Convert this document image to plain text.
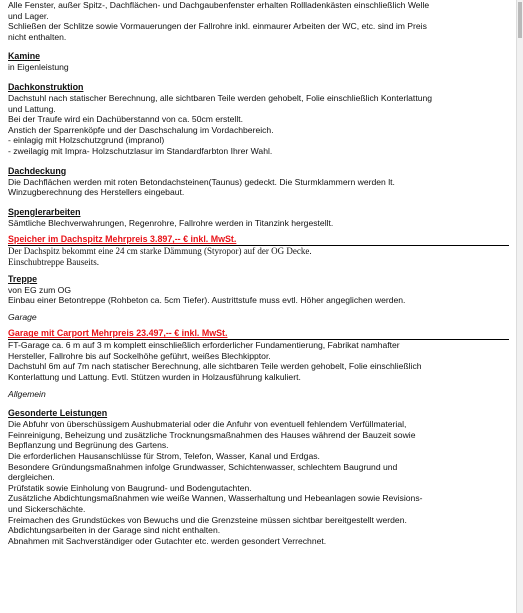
Alle Fenster, außer Spitz-, Dachflächen- und Dachgaubenfenster erhalten Rollladenkästen einschließlich Welle

und Lager.

Schließen der Schlitze sowie Vormauerungen der Fallrohre inkl. einmaurer Arbeiten der WC, etc. sind im Preis

nicht enthalten.

Kamine

in Eigenleistung

Dachkonstruktion

Dachstuhl nach statischer Berechnung, alle sichtbaren Teile werden gehobelt, Folie einschließlich Konterlattung

und Lattung.

Bei der Traufe wird ein Dachüberstannd von ca. 50cm erstellt.

Anstich der Sparrenköpfe und der Daschschalung im Vordachbereich.

- einlagig mit Holzschutzgrund (impranol)

- zweilagig mit Impra- Holzschutzlasur im Standardfarbton Ihrer Wahl.

Dachdeckung

Die Dachflächen werden mit roten Betondachsteinen(Taunus) gedeckt. Die Sturmklammern werden lt.

Winzugberechnung des Herstellers eingebaut.

Spenglerarbeiten

Sämtliche Blechverwahrungen, Regenrohre, Fallrohre werden in Titanzink hergestellt.

Speicher im Dachspitz Mehrpreis 3.897,-- € inkl. MwSt.

Der Dachspitz bekommt eine 24 cm starke Dämmung (Styropor) auf der OG Decke.

Einschubtreppe Bauseits.

Treppe

von EG zum OG

Einbau einer Betontreppe (Rohbeton ca. 5cm Tiefer). Austrittstufe muss evtl. Höher angeglichen werden.

Garage

Garage mit Carport Mehrpreis 23.497,-- € inkl. MwSt.

FT-Garage ca. 6 m auf 3 m komplett einschließlich erforderlicher Fundamentierung, Fabrikat namhafter

Hersteller, Fallrohre bis auf Sockelhöhe geführt, weißes Blechkipptor.

Dachstuhl 6m auf 7m nach statischer Berechnung, alle sichtbaren Teile werden gehobelt, Folie einschließlich

Konterlattung und Lattung. Evtl. Stützen wurden in Holzausführung kalkuliert.

Allgemein

Gesonderte Leistungen

Die Abfuhr von überschüssigem Aushubmaterial oder die Anfuhr von eventuell fehlendem Verfüllmaterial,

Feinreinigung, Beheizung und zusätzliche Trocknungsmaßnahmen des Hauses während der Bauzeit sowie

Bepflanzung und Begrünung des Gartens.

Die erforderlichen Hausanschlüsse für Strom, Telefon, Wasser, Kanal und Erdgas.

Besondere Gründungsmaßnahmen infolge Grundwasser, Schichtenwasser, schlechtem Baugrund und

dergleichen.

Prüfstatik sowie Einholung von Baugrund- und Bodengutachten.

Zusätzliche Abdichtungsmaßnahmen wie weiße Wannen, Wasserhaltung und Hebeanlagen sowie Revisions-

und Sickerschächte.

Freimachen des Grundstückes von Bewuchs und die Grenzsteine müssen sichtbar bereitgestellt werden.

Abdichtungsarbeiten in der Garage sind nicht enthalten.

Abnahmen mit Sachverständiger oder Gutachter etc. werden gesondert Verrechnet.
